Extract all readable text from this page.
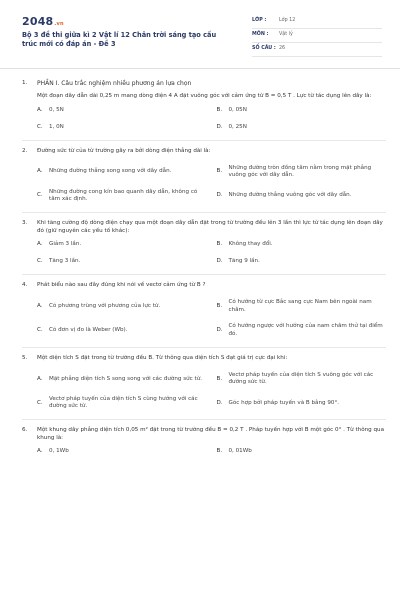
2048.vn
Bộ 3 đề thi giữa kì 2 Vật lí 12 Chân trời sáng tạo cấu trúc mới có đáp án - Đề 3
LỚP :	Lớp 12
MÔN :	Vật lý
SỐ CÂU : 26
1.	PHẦN I. Câu trắc nghiệm nhiều phương án lựa chọn
Một đoạn dây dẫn dài 0,25 m mang dòng điện 4 A đặt vuông góc với cảm ứng từ B = 0,5 T . Lực từ tác dụng lên dây là:
A.	0, 5N	B.	0, 05N
C.	1, 0N	D.	0, 25N
2.	Đường sức từ của từ trường gây ra bởi dòng điện thẳng dài là:
A.	Những đường thẳng song song với dây dẫn.	B.
Những đường tròn đồng tâm nằm trong mặt phẳng vuông góc với dây dẫn.
C.
Những đường cong kín bao quanh dây dẫn, không có tâm xác định.
D.	Những đường thẳng vuông góc với dây dẫn.
3.	Khi tăng cường độ dòng điện chạy qua một đoạn dây dẫn đặt trong từ trường đều lên 3 lần thì lực từ tác dụng lên đoạn dây đó (giữ nguyên các yếu tố khác):
A.	Giảm 3 lần.	B.	Không thay đổi.
C.	Tăng 3 lần.	D.	Tăng 9 lần.
4.	Phát biểu nào sau đây đúng khi nói về vectơ cảm ứng từ B ?
A.	Có phương trùng với phương của lực từ.	B.
Có hướng từ cực Bắc sang cực Nam bên ngoài nam châm.
C.	Có đơn vị đo là Weber (Wb).	D.
Có hướng ngược với hướng của nam châm thử tại điểm đó.
5.	Một diện tích S đặt trong từ trường đều B. Từ thông qua diện tích S đạt giá trị cực đại khi:
A.	Mặt phẳng diện tích S song song với các đường sức từ.	B.
Vectơ pháp tuyến của diện tích S vuông góc với các đường sức từ.
C.
Vectơ pháp tuyến của diện tích S cùng hướng với các đường sức từ.
D.	Góc hợp bởi pháp tuyến và B bằng 90°.
6.	Một khung dây phẳng diện tích 0,05 m² đặt trong từ trường đều B = 0,2 T . Pháp tuyến hợp với B một góc 0° . Từ thông qua khung là:
A.	0, 1Wb	B.	0, 01Wb
